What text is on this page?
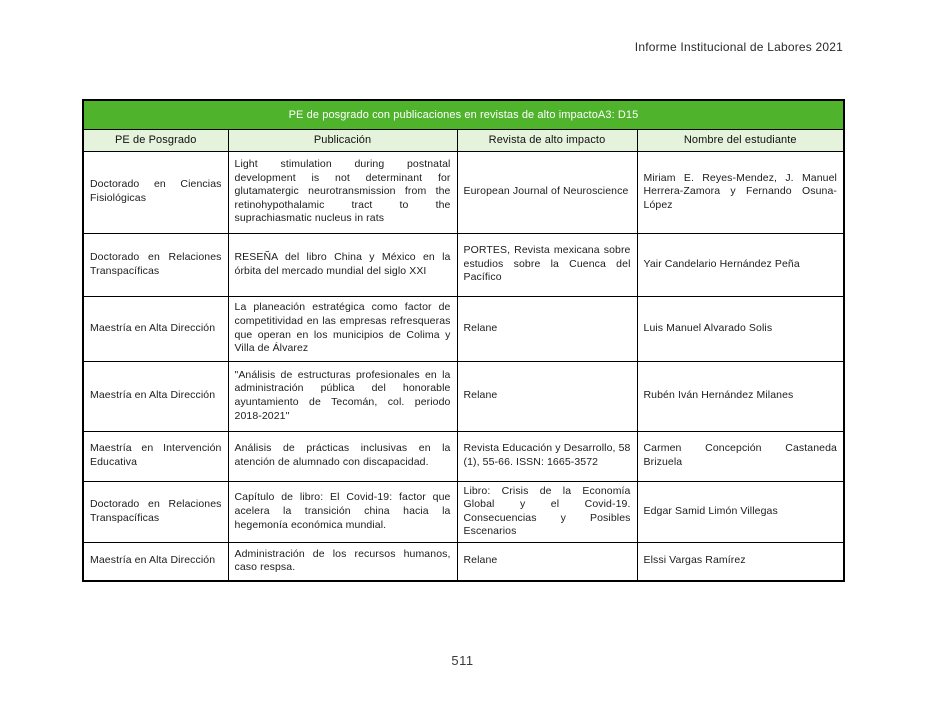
Informe Institucional de Labores 2021
PE de posgrado con publicaciones en revistas de alto impactoA3: D15			
PE de Posgrado	Publicación	Revista de alto impacto	Nombre del estudiante
Doctorado en Ciencias Fisiológicas	Light stimulation during postnatal development is not determinant for glutamatergic neurotransmission from the retinohypothalamic tract to the suprachiasmatic nucleus in rats	European Journal of Neuroscience	Miriam E. Reyes-Mendez, J. Manuel Herrera-Zamora y Fernando Osuna-López
Doctorado en Relaciones Transpacíficas	RESEÑA del libro China y México en la órbita del mercado mundial del siglo XXI	PORTES, Revista mexicana sobre estudios sobre la Cuenca del Pacífico	Yair Candelario Hernández Peña
Maestría en Alta Dirección	La planeación estratégica como factor de competitividad en las empresas refresqueras que operan en los municipios de Colima y Villa de Álvarez	Relane	Luis Manuel Alvarado Solis
Maestría en Alta Dirección	"Análisis de estructuras profesionales en la administración pública del honorable ayuntamiento de Tecomán, col. periodo 2018-2021"	Relane	Rubén Iván Hernández Milanes
Maestría en Intervención Educativa	Análisis de prácticas inclusivas en la atención de alumnado con discapacidad.	Revista Educación y Desarrollo, 58 (1), 55-66. ISSN: 1665-3572	Carmen Concepción Castaneda Brizuela
Doctorado en Relaciones Transpacíficas	Capítulo de libro: El Covid-19: factor que acelera la transición china hacia la hegemonía económica mundial.	Libro: Crisis de la Economía Global y el Covid-19. Consecuencias y Posibles Escenarios	Edgar Samid Limón Villegas
Maestría en Alta Dirección	Administración de los recursos humanos, caso respsa.	Relane	Elssi Vargas Ramírez
511
